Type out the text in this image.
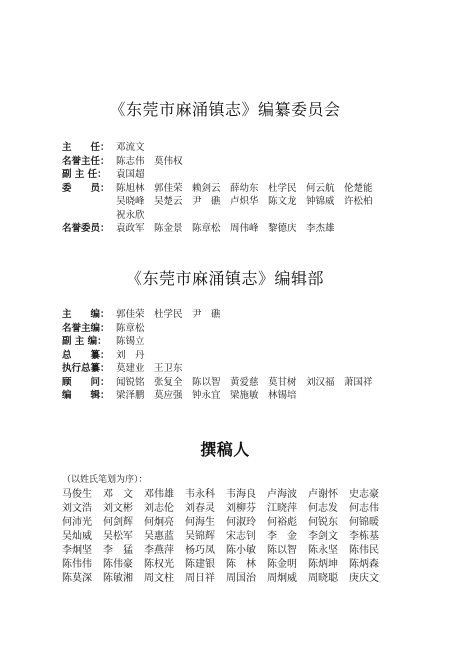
《东莞市麻涌镇志》编纂委员会
主　　任： 邓流文
名誉主任： 陈志伟　莫伟权
副 主 任： 袁国超
委　　员： 陈旭林　郭佳荣　赖剑云　薛幼东　杜学民　何云航　伦楚能
吴晓峰　吴楚云　尹　礁　卢炽华　陈文龙　钟锦威　许松柏
祝永欣
名誉委员： 袁政军　陈金景　陈章松　周伟峰　黎德庆　李杰雄
《东莞市麻涌镇志》编辑部
主　　编： 郭佳荣　杜学民　尹　礁
名誉主编： 陈章松
副 主 编： 陈锡立
总　　纂： 刘　丹
执行总纂： 莫建业　王卫东
顾　　问： 闻锐铭　张复全　陈以智　黄爱慈　莫甘树　刘汉福　萧国祥
编　　辑： 梁泽鹏　莫应强　钟永宜　梁施敏　林锡培
撰稿人
（以姓氏笔划为序）：
马俊生	邓　文	邓伟雄	韦永科	韦海良	卢海波	卢谢怀	史志豪
刘文浩	刘文彬	刘志伦	刘春灵	刘柳芬	江晓萍	何志发	何志伟
何沛光	何剑辉	何炯亮	何海生	何淑玲	何裕彪	何锐东	何锦暖
吴灿威	吴松军	吴惠蓝	吴锦辉	宋志钊	李　金	李剑文	李栋基
李炯坚	李　猛	李燕萍	杨巧凤	陈小敏	陈以智	陈永坚	陈伟民
陈伟伟	陈伟豪	陈权光	陈建银	陈　林	陈金明	陈炳坤	陈炳森
陈莫深	陈敏湘	周文柱	周日祥	周国治	周炯威	周晓聪	庚庆文
